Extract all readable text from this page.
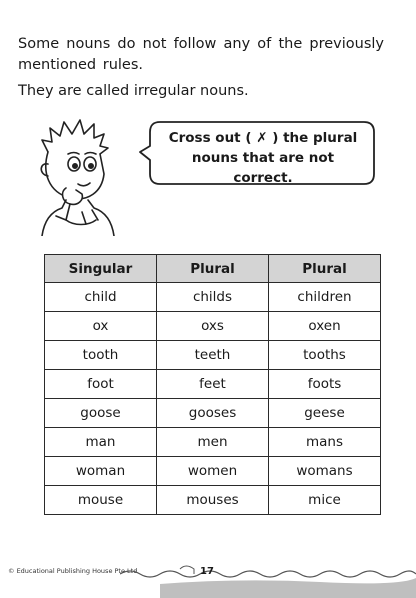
Some nouns do not follow any of the previously mentioned rules.

They are called irregular nouns.

Cross out ( ✗ ) the plural
nouns that are not correct.
Singular	Plural	Plural
child	childs	children
ox	oxs	oxen
tooth	teeth	tooths
foot	feet	foots
goose	gooses	geese
man	men	mans
woman	women	womans
mouse	mouses	mice
© Educational Publishing House Pte Ltd	17
